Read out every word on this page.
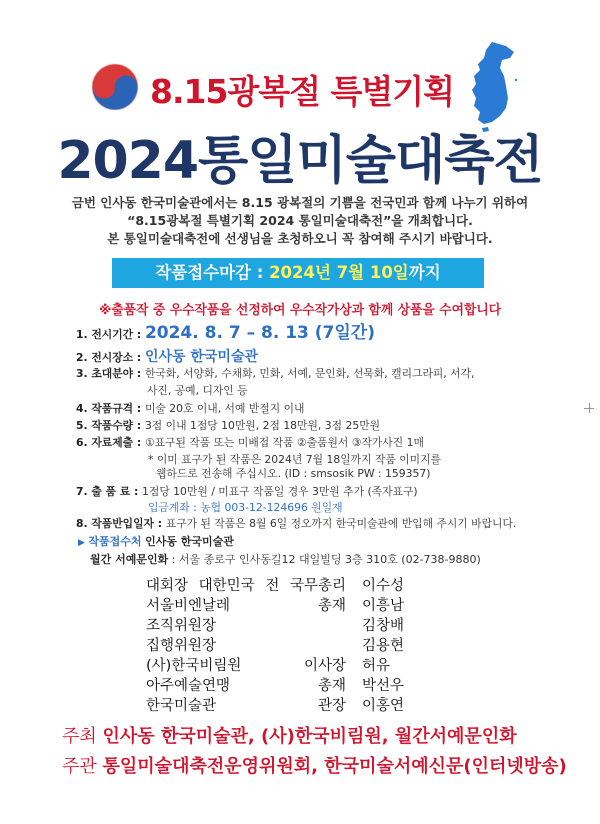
8.15광복절 특별기획
2024통일미술대축전
금번 인사동 한국미술관에서는 8.15 광복절의 기쁨을 전국민과 함께 나누기 위하여
“8.15광복절 특별기획 2024 통일미술대축전”을 개최합니다.
본 통일미술대축전에 선생님을 초청하오니 꼭 참여해 주시기 바랍니다.
작품접수마감 : 2024년 7월 10일까지
※출품작 중 우수작품을 선정하여 우수작가상과 함께 상품을 수여합니다
1. 전시기간 : 2024. 8. 7 – 8. 13 (7일간)
2. 전시장소 : 인사동 한국미술관
3. 초대분야 : 한국화, 서양화, 수채화, 민화, 서예, 문인화, 선묵화, 캘리그라피, 서각,
사진, 공예, 디자인 등
4. 작품규격 : 미술 20호 이내, 서예 반절지 이내
5. 작품수량 : 3점 이내 1점당 10만원, 2점 18만원, 3점 25만원
6. 자료제출 : ①표구된 작품 또는 미배접 작품 ②출품원서 ③작가사진 1매
* 이미 표구가 된 작품은 2024년 7월 18일까지 작품 이미지를
웹하드로 전송해 주십시오. (ID : smsosik PW : 159357)
7. 출 품 료 : 1점당 10만원 / 미표구 작품일 경우 3만원 추가 (족자표구)
입금계좌 : 농협 003-12-124696 원일재
8. 작품반입일자 : 표구가 된 작품은 8월 6일 정오까지 한국미술관에 반입해 주시기 바랍니다.
▶ 작품접수처 인사동 한국미술관
월간 서예문인화 : 서울 종로구 인사동길12 대일빌딩 3층 310호 (02-738-9880)
대회장 대한민국 전 국무총리 이수성
서울비엔날레 총재 이흥남
조직위원장	김창배
집행위원장	김용현
(사)한국비림원 이사장 허유
아주예술연맹 총재 박선우
한국미술관 관장 이홍연
주최 인사동 한국미술관, (사)한국비림원, 월간서예문인화
주관 통일미술대축전운영위원회, 한국미술서예신문(인터넷방송)
